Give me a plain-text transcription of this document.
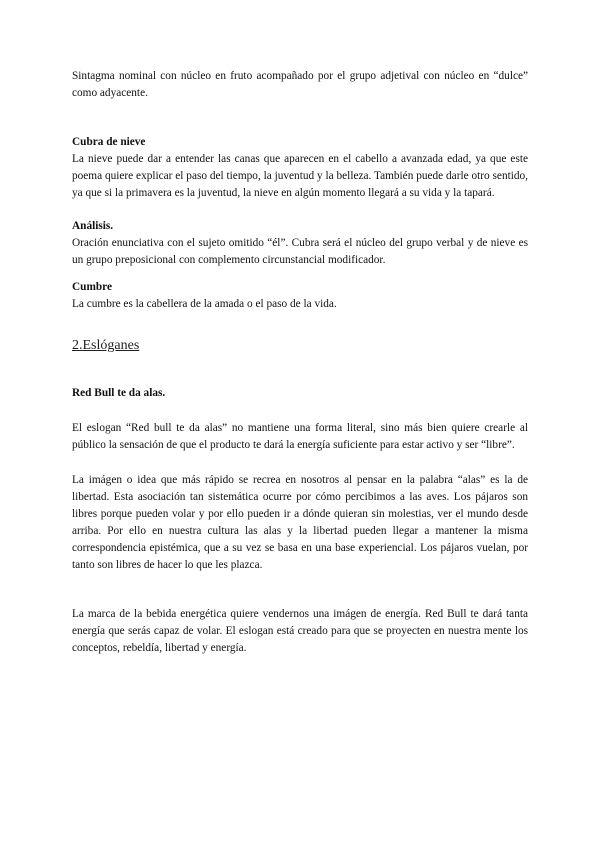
Sintagma nominal con núcleo en fruto acompañado por el grupo adjetival con núcleo en “dulce” como adyacente.

Cubra de nieve

La nieve puede dar a entender las canas que aparecen en el cabello a avanzada edad, ya que este poema quiere explicar el paso del tiempo, la juventud y la belleza. También puede darle otro sentido, ya que si la primavera es la juventud, la nieve en algún momento llegará a su vida y la tapará.

Análisis.

Oración enunciativa con el sujeto omitido “él”. Cubra será el núcleo del grupo verbal y de nieve es un grupo preposicional con complemento circunstancial modificador.

Cumbre

La cumbre es la cabellera de la amada o el paso de la vida.

2.Eslóganes

Red Bull te da alas.

El eslogan “Red bull te da alas” no mantiene una forma literal, sino más bien quiere crearle al público la sensación de que el producto te dará la energía suficiente para estar activo y ser “libre”.

La imágen o idea que más rápido se recrea en nosotros al pensar en la palabra “alas” es la de libertad. Esta asociación tan sistemática ocurre por cómo percibimos a las aves. Los pájaros son libres porque pueden volar y por ello pueden ir a dónde quieran sin molestias, ver el mundo desde arriba. Por ello en nuestra cultura las alas y la libertad pueden llegar a mantener la misma correspondencia epistémica, que a su vez se basa en una base experiencial. Los pájaros vuelan, por tanto son libres de hacer lo que les plazca.

La marca de la bebida energética quiere vendernos una imágen de energía. Red Bull te dará tanta energía que serás capaz de volar. El eslogan está creado para que se proyecten en nuestra mente los conceptos, rebeldía, libertad y energía.
